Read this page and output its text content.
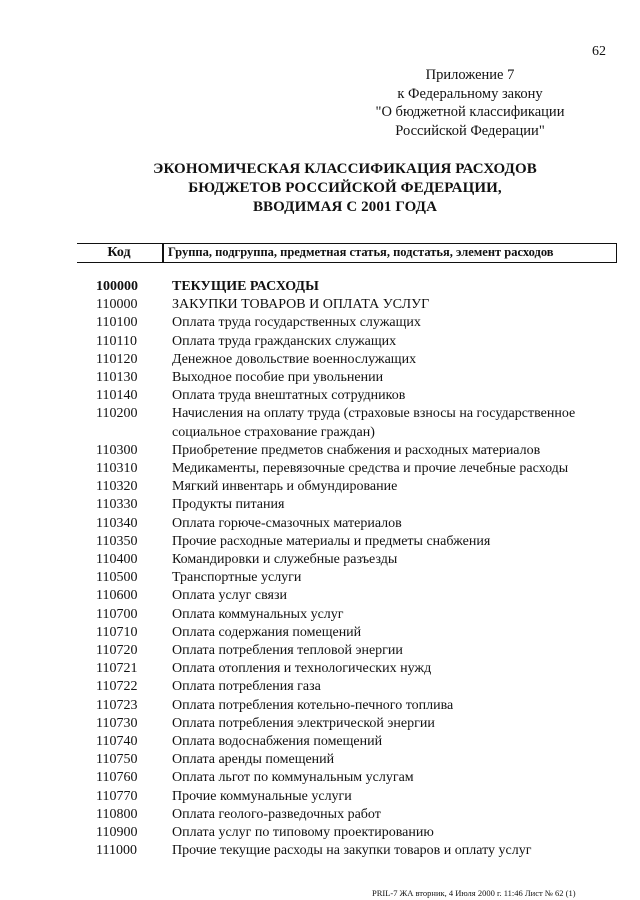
62
Приложение 7
к Федеральному закону
"О бюджетной классификации
Российской Федерации"
ЭКОНОМИЧЕСКАЯ КЛАССИФИКАЦИЯ РАСХОДОВ
БЮДЖЕТОВ РОССИЙСКОЙ ФЕДЕРАЦИИ,
ВВОДИМАЯ С 2001 ГОДА
Код	Группа, подгруппа, предметная статья, подстатья, элемент расходов
100000	ТЕКУЩИЕ РАСХОДЫ
110000	ЗАКУПКИ ТОВАРОВ И ОПЛАТА УСЛУГ
110100	Оплата труда государственных служащих
110110	Оплата труда гражданских служащих
110120	Денежное довольствие военнослужащих
110130	Выходное пособие при увольнении
110140	Оплата труда внештатных сотрудников
110200	Начисления на оплату труда (страховые взносы на государственное социальное страхование граждан)
110300	Приобретение предметов снабжения и расходных материалов
110310	Медикаменты, перевязочные средства и прочие лечебные расходы
110320	Мягкий инвентарь и обмундирование
110330	Продукты питания
110340	Оплата горюче-смазочных материалов
110350	Прочие расходные материалы и предметы снабжения
110400	Командировки и служебные разъезды
110500	Транспортные услуги
110600	Оплата услуг связи
110700	Оплата коммунальных услуг
110710	Оплата содержания помещений
110720	Оплата потребления тепловой энергии
110721	Оплата отопления и технологических нужд
110722	Оплата потребления газа
110723	Оплата потребления котельно-печного топлива
110730	Оплата потребления электрической энергии
110740	Оплата водоснабжения помещений
110750	Оплата аренды помещений
110760	Оплата льгот по коммунальным услугам
110770	Прочие коммунальные услуги
110800	Оплата геолого-разведочных работ
110900	Оплата услуг по типовому проектированию
111000	Прочие текущие расходы на закупки товаров и оплату услуг
PRIL-7 ЖА вторник, 4 Июля 2000 г. 11:46 Лист № 62 (1)
